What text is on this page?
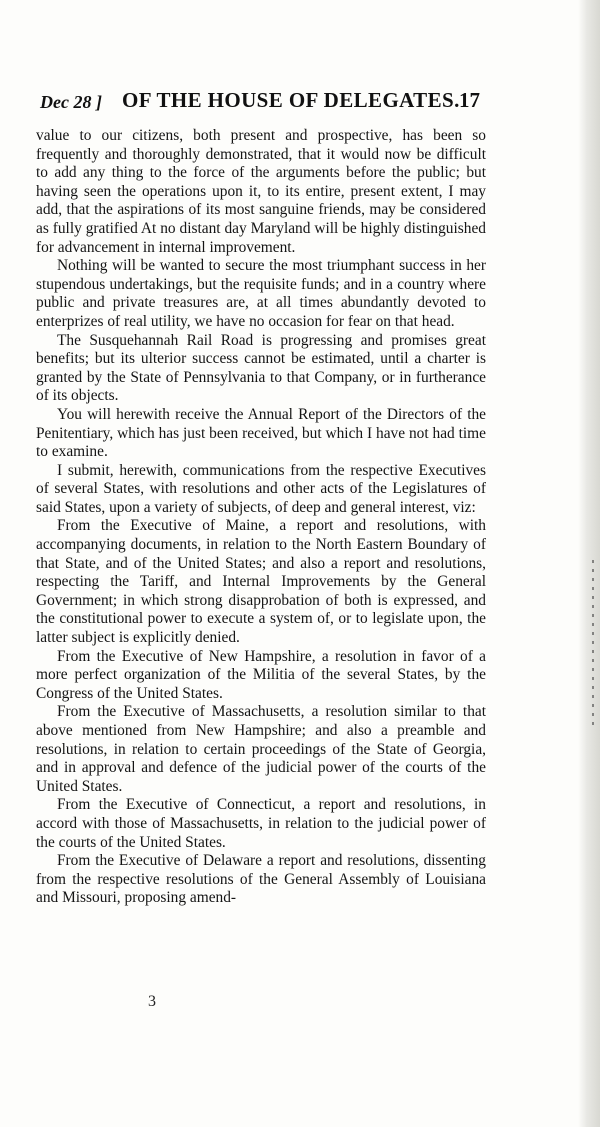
Dec 28 ] OF THE HOUSE OF DELEGATES. 17

value to our citizens, both present and prospective, has been so frequently and thoroughly demonstrated, that it would now be difficult to add any thing to the force of the arguments before the public; but having seen the operations upon it, to its entire, present extent, I may add, that the aspirations of its most sanguine friends, may be considered as fully gratified At no distant day Maryland will be highly distinguished for advancement in internal improvement.

Nothing will be wanted to secure the most triumphant success in her stupendous undertakings, but the requisite funds; and in a country where public and private treasures are, at all times abundantly devoted to enterprizes of real utility, we have no occasion for fear on that head.

The Susquehannah Rail Road is progressing and promises great benefits; but its ulterior success cannot be estimated, until a charter is granted by the State of Pennsylvania to that Company, or in furtherance of its objects.

You will herewith receive the Annual Report of the Directors of the Penitentiary, which has just been received, but which I have not had time to examine.

I submit, herewith, communications from the respective Executives of several States, with resolutions and other acts of the Legislatures of said States, upon a variety of subjects, of deep and general interest, viz:

From the Executive of Maine, a report and resolutions, with accompanying documents, in relation to the North Eastern Boundary of that State, and of the United States; and also a report and resolutions, respecting the Tariff, and Internal Improvements by the General Government; in which strong disapprobation of both is expressed, and the constitutional power to execute a system of, or to legislate upon, the latter subject is explicitly denied.

From the Executive of New Hampshire, a resolution in favor of a more perfect organization of the Militia of the several States, by the Congress of the United States.

From the Executive of Massachusetts, a resolution similar to that above mentioned from New Hampshire; and also a preamble and resolutions, in relation to certain proceedings of the State of Georgia, and in approval and defence of the judicial power of the courts of the United States.

From the Executive of Connecticut, a report and resolutions, in accord with those of Massachusetts, in relation to the judicial power of the courts of the United States.

From the Executive of Delaware a report and resolutions, dissenting from the respective resolutions of the General Assembly of Louisiana and Missouri, proposing amend-

3
